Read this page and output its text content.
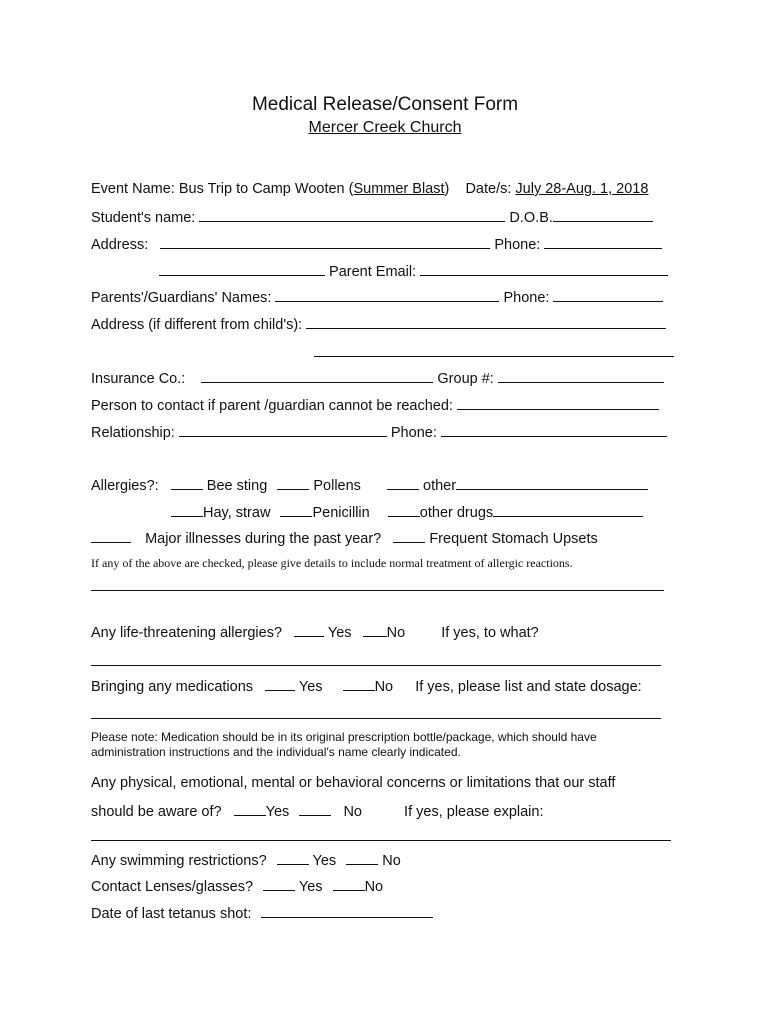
Medical Release/Consent Form
Mercer Creek Church
Event Name: Bus Trip to Camp Wooten (Summer Blast) Date/s: July 28-Aug. 1, 2018
Student's name:	D.O.B.
Address:	Phone:
Parent Email:
Parents'/Guardians' Names:	Phone:
Address (if different from child's):
Insurance Co.:	Group #:
Person to contact if parent /guardian cannot be reached:
Relationship:	Phone:
Allergies?:	Bee sting	Pollens	other
Hay, straw	Penicillin	other drugs
Major illnesses during the past year?	Frequent Stomach Upsets
If any of the above are checked, please give details to include normal treatment of allergic reactions.
Any life-threatening allergies?	Yes No If yes, to what?
Bringing any medications	Yes	No If yes, please list and state dosage:
Please note: Medication should be in its original prescription bottle/package, which should have
administration instructions and the individual's name clearly indicated.
Any physical, emotional, mental or behavioral concerns or limitations that our staff
should be aware of?	Yes	No	If yes, please explain:
Any swimming restrictions?	Yes	No
Contact Lenses/glasses?	Yes	No
Date of last tetanus shot:
